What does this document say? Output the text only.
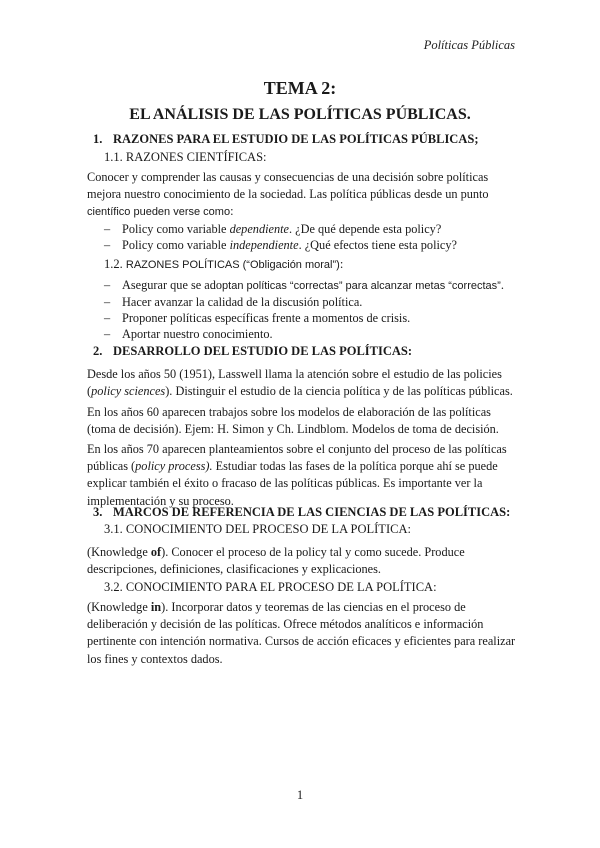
Políticas Públicas
TEMA 2:
EL ANÁLISIS DE LAS POLÍTICAS PÚBLICAS.
1. RAZONES PARA EL ESTUDIO DE LAS POLÍTICAS PÚBLICAS;
1.1. RAZONES CIENTÍFICAS:

Conocer y comprender las causas y consecuencias de una decisión sobre políticas

mejora nuestro conocimiento de la sociedad. Las política públicas desde un punto

científico pueden verse como:

– Policy como variable dependiente. ¿De qué depende esta policy?
– Policy como variable independiente. ¿Qué efectos tiene esta policy?
1.2. RAZONES POLÍTICAS (“Obligación moral”):
– Asegurar que se adoptan políticas “correctas” para alcanzar metas “correctas”.
– Hacer avanzar la calidad de la discusión política.
– Proponer políticas específicas frente a momentos de crisis.
– Aportar nuestro conocimiento.
2. DESARROLLO DEL ESTUDIO DE LAS POLÍTICAS:

Desde los años 50 (1951), Lasswell llama la atención sobre el estudio de las policies

(policy sciences). Distinguir el estudio de la ciencia política y de las políticas públicas.

En los años 60 aparecen trabajos sobre los modelos de elaboración de las políticas

(toma de decisión). Ejem: H. Simon y Ch. Lindblom. Modelos de toma de decisión.

En los años 70 aparecen planteamientos sobre el conjunto del proceso de las políticas

públicas (policy process). Estudiar todas las fases de la política porque ahí se puede

explicar también el éxito o fracaso de las políticas públicas. Es importante ver la

implementación y su proceso.

3. MARCOS DE REFERENCIA DE LAS CIENCIAS DE LAS POLÍTICAS:
3.1. CONOCIMIENTO DEL PROCESO DE LA POLÍTICA:

(Knowledge of). Conocer el proceso de la policy tal y como sucede. Produce

descripciones, definiciones, clasificaciones y explicaciones.

3.2. CONOCIMIENTO PARA EL PROCESO DE LA POLÍTICA:

(Knowledge in). Incorporar datos y teoremas de las ciencias en el proceso de

deliberación y decisión de las políticas. Ofrece métodos analíticos e información

pertinente con intención normativa. Cursos de acción eficaces y eficientes para realizar

los fines y contextos dados.

1
